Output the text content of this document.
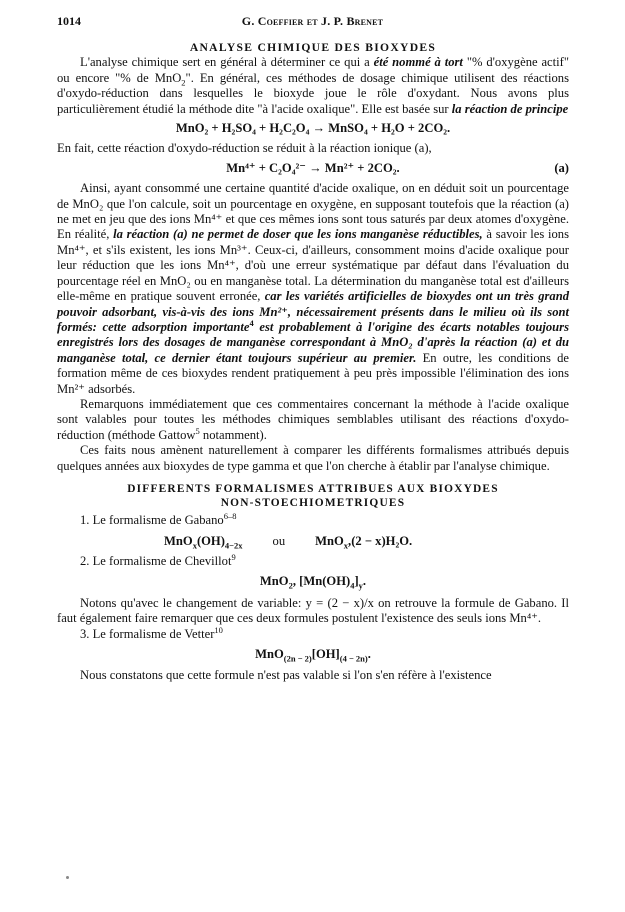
1014	G. Coeffier et J. P. Brenet

ANALYSE CHIMIQUE DES BIOXYDES

L'analyse chimique sert en général à déterminer ce qui a été nommé à tort "% d'oxygène actif" ou encore "% de MnO$_2$". En général, ces méthodes de dosage chimique utilisent des réactions d'oxydo-réduction dans lesquelles le bioxyde joue le rôle d'oxydant. Nous avons plus particulièrement étudié la méthode dite "à l'acide oxalique". Elle est basée sur la réaction de principe

MnO₂ + H₂SO₄ + H₂C₂O₄ → MnSO₄ + H₂O + 2CO₂.

En fait, cette réaction d'oxydo-réduction se réduit à la réaction ionique (a),

Mn⁴⁺ + C₂O₄²⁻ → Mn²⁺ + 2CO₂.	(a)

Ainsi, ayant consommé une certaine quantité d'acide oxalique, on en déduit soit un pourcentage de MnO₂ que l'on calcule, soit un pourcentage en oxygène, en supposant toutefois que la réaction (a) ne met en jeu que des ions Mn⁴⁺ et que ces mêmes ions sont tous saturés par deux atomes d'oxygène. En réalité, la réaction (a) ne permet de doser que les ions manganèse réductibles, à savoir les ions Mn⁴⁺, et s'ils existent, les ions Mn³⁺. Ceux-ci, d'ailleurs, consomment moins d'acide oxalique pour leur réduction que les ions Mn⁴⁺, d'où une erreur systématique par défaut dans l'évaluation du pourcentage réel en MnO₂ ou en manganèse total. La détermination du manganèse total est d'ailleurs elle-même en pratique souvent erronée, car les variétés artificielles de bioxydes ont un très grand pouvoir adsorbant, vis-à-vis des ions Mn²⁺, nécessairement présents dans le milieu où ils sont formés: cette adsorption importante$^4$ est probablement à l'origine des écarts notables toujours enregistrés lors des dosages de manganèse correspondant à MnO₂ d'après la réaction (a) et du manganèse total, ce dernier étant toujours supérieur au premier. En outre, les conditions de formation même de ces bioxydes rendent pratiquement à peu près impossible l'élimination des ions Mn²⁺ adsorbés.

Remarquons immédiatement que ces commentaires concernant la méthode à l'acide oxalique sont valables pour toutes les méthodes chimiques semblables utilisant des réactions d'oxydo-réduction (méthode Gattow$^5$ notamment).

Ces faits nous amènent naturellement à comparer les différents formalismes attribués depuis quelques années aux bioxydes de type gamma et que l'on cherche à établir par l'analyse chimique.

DIFFERENTS FORMALISMES ATTRIBUES AUX BIOXYDES
NON-STOECHIOMETRIQUES

1. Le formalisme de Gabano$^{6-8}$

$MnO_x(OH)_{4-2x}$ ou MnO$_x$,(2 − x)H₂O.

2. Le formalisme de Chevillot$^9$

MnO$_2$, $[Mn(OH)_4]_y$.

Notons qu'avec le changement de variable: y = (2 − x)/x on retrouve la formule de Gabano. Il faut également faire remarquer que ces deux formules postulent l'existence des seuls ions Mn⁴⁺.

3. Le formalisme de Vetter$^{10}$

$MnO_{(2n - 2)}[OH]_{(4 - 2n)}$.

Nous constatons que cette formule n'est pas valable si l'on s'en réfère à l'existence
